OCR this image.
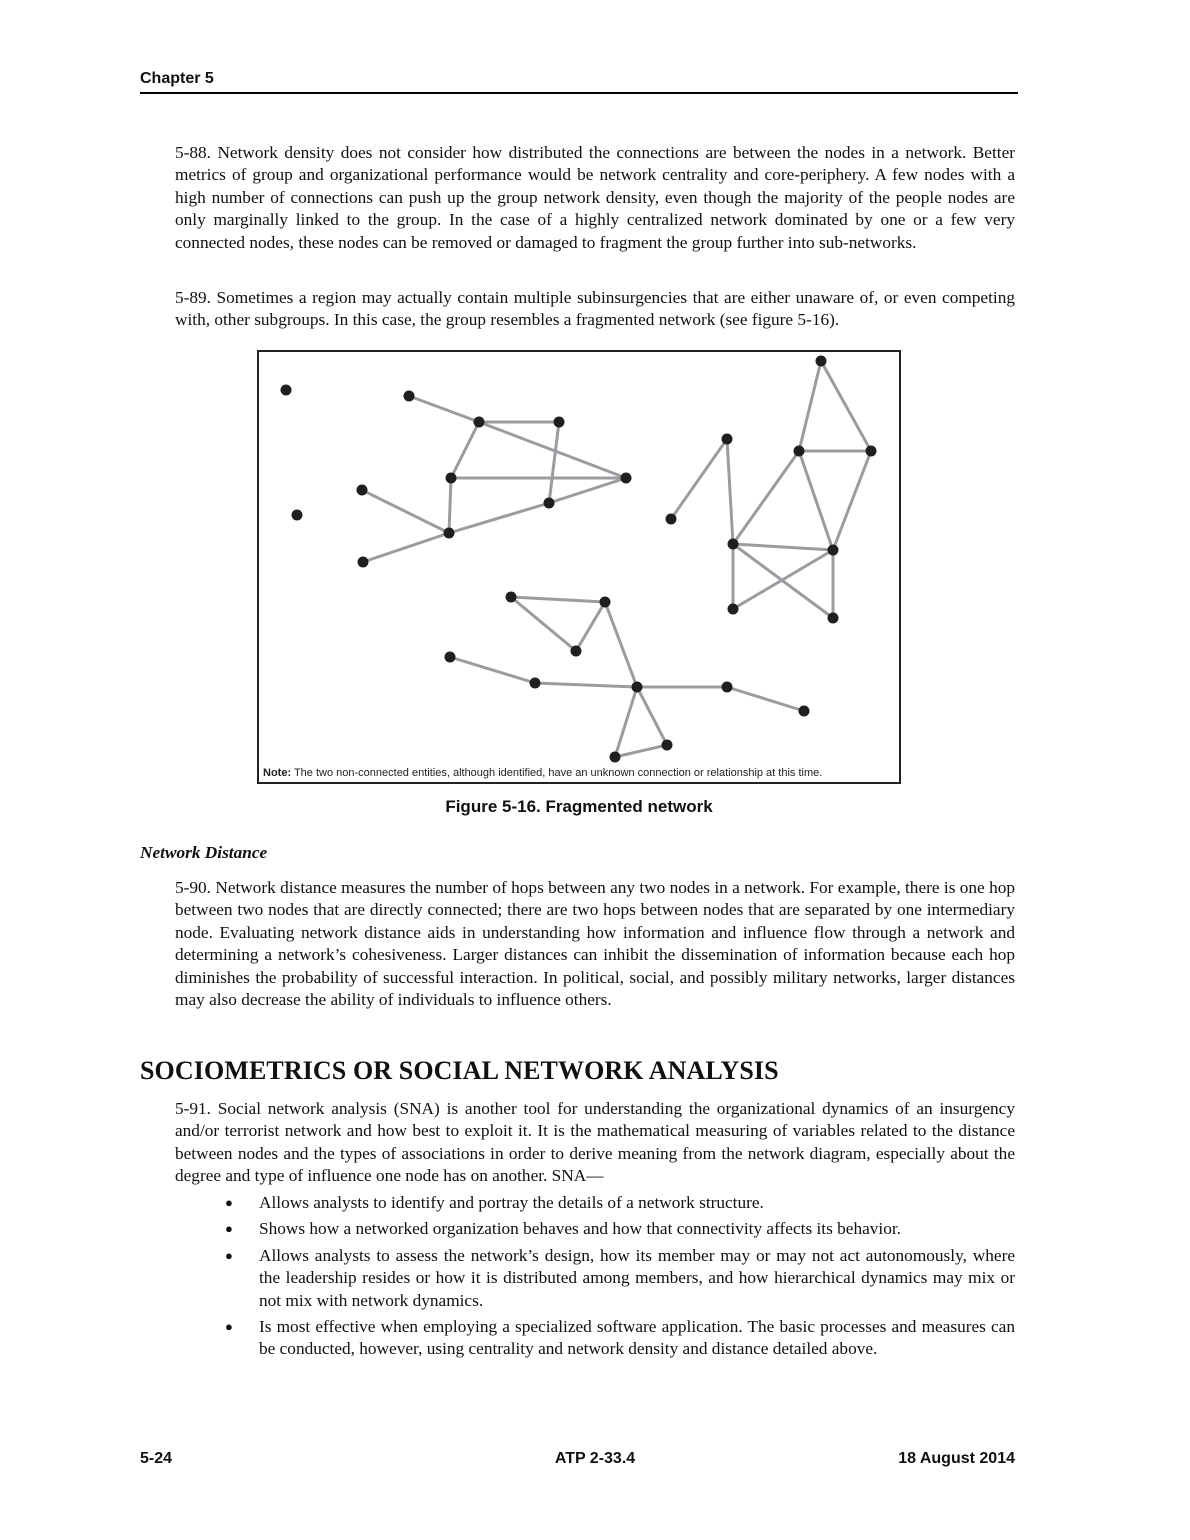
Chapter 5

5-88. Network density does not consider how distributed the connections are between the nodes in a network. Better metrics of group and organizational performance would be network centrality and core-periphery. A few nodes with a high number of connections can push up the group network density, even though the majority of the people nodes are only marginally linked to the group. In the case of a highly centralized network dominated by one or a few very connected nodes, these nodes can be removed or damaged to fragment the group further into sub-networks.

5-89. Sometimes a region may actually contain multiple subinsurgencies that are either unaware of, or even competing with, other subgroups. In this case, the group resembles a fragmented network (see figure 5-16).

Note: The two non-connected entities, although identified, have an unknown connection or relationship at this time.
Figure 5-16. Fragmented network
Network Distance

5-90. Network distance measures the number of hops between any two nodes in a network. For example, there is one hop between two nodes that are directly connected; there are two hops between nodes that are separated by one intermediary node. Evaluating network distance aids in understanding how information and influence flow through a network and determining a network’s cohesiveness. Larger distances can inhibit the dissemination of information because each hop diminishes the probability of successful interaction. In political, social, and possibly military networks, larger distances may also decrease the ability of individuals to influence others.

SOCIOMETRICS OR SOCIAL NETWORK ANALYSIS

5-91. Social network analysis (SNA) is another tool for understanding the organizational dynamics of an insurgency and/or terrorist network and how best to exploit it. It is the mathematical measuring of variables related to the distance between nodes and the types of associations in order to derive meaning from the network diagram, especially about the degree and type of influence one node has on another. SNA—

● Allows analysts to identify and portray the details of a network structure.
● Shows how a networked organization behaves and how that connectivity affects its behavior.
● Allows analysts to assess the network’s design, how its member may or may not act autonomously, where the leadership resides or how it is distributed among members, and how hierarchical dynamics may mix or not mix with network dynamics.
● Is most effective when employing a specialized software application. The basic processes and measures can be conducted, however, using centrality and network density and distance detailed above.
5-24	ATP 2-33.4	18 August 2014
